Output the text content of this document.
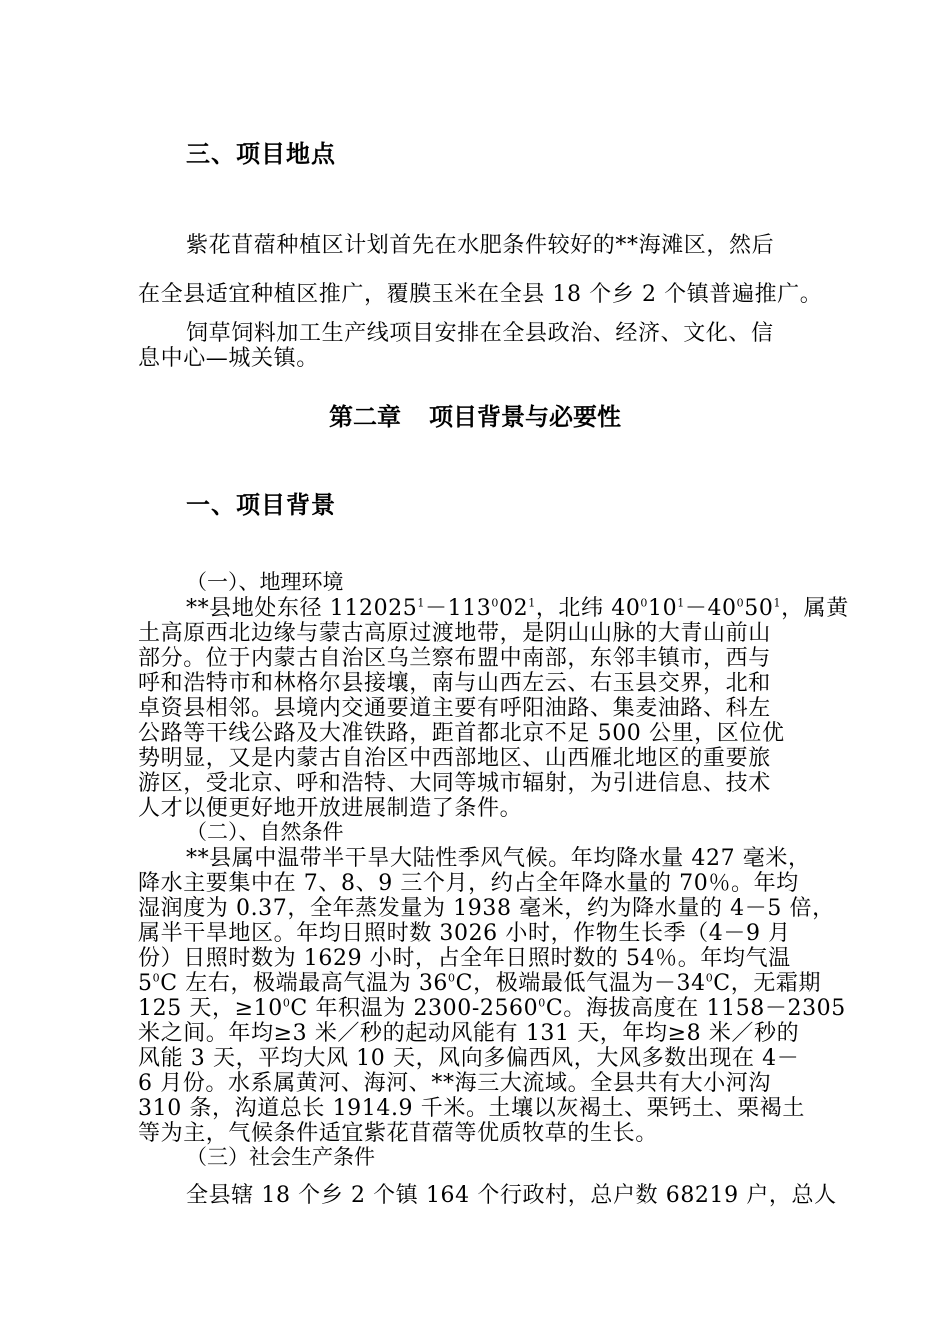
三、项目地点
紫花苜蓿种植区计划首先在水肥条件较好的**海滩区，然后
在全县适宜种植区推广，覆膜玉米在全县 18 个乡 2 个镇普遍推广。
饲草饲料加工生产线项目安排在全县政治、经济、文化、信
息中心—城关镇。
第二章 项目背景与必要性
一、项目背景
（一）、地理环境
**县地处东径 $112025^1-113^002^1$，北纬 $40^010^1-40^050^1$，属黄
土高原西北边缘与蒙古高原过渡地带，是阴山山脉的大青山前山
部分。位于内蒙古自治区乌兰察布盟中南部，东邻丰镇市，西与
呼和浩特市和林格尔县接壤，南与山西左云、右玉县交界，北和
卓资县相邻。县境内交通要道主要有呼阳油路、集麦油路、科左
公路等干线公路及大准铁路，距首都北京不足 500 公里，区位优
势明显，又是内蒙古自治区中西部地区、山西雁北地区的重要旅
游区，受北京、呼和浩特、大同等城市辐射，为引进信息、技术
人才以便更好地开放进展制造了条件。
（二）、自然条件
**县属中温带半干旱大陆性季风气候。年均降水量 427 毫米，
降水主要集中在 7、8、9 三个月，约占全年降水量的 70％。年均
湿润度为 0.37，全年蒸发量为 1938 毫米，约为降水量的 4－5 倍，
属半干旱地区。年均日照时数 3026 小时，作物生长季（4－9 月
份）日照时数为 1629 小时，占全年日照时数的 54％。年均气温
$5^0C$ 左右，极端最高气温为 $36^0C$，极端最低气温为$-34^0C$，无霜期
125 天，$\ge 10^0C$ 年积温为 2300-2560$^0$C。海拔高度在 1158－2305
米之间。年均≥3 米／秒的起动风能有 131 天，年均≥8 米／秒的
风能 3 天，平均大风 10 天，风向多偏西风，大风多数出现在 4－
6 月份。水系属黄河、海河、**海三大流域。全县共有大小河沟
310 条，沟道总长 1914.9 千米。土壤以灰褐土、栗钙土、栗褐土
等为主，气候条件适宜紫花苜蓿等优质牧草的生长。
（三）社会生产条件
全县辖 18 个乡 2 个镇 164 个行政村，总户数 68219 户，总人
